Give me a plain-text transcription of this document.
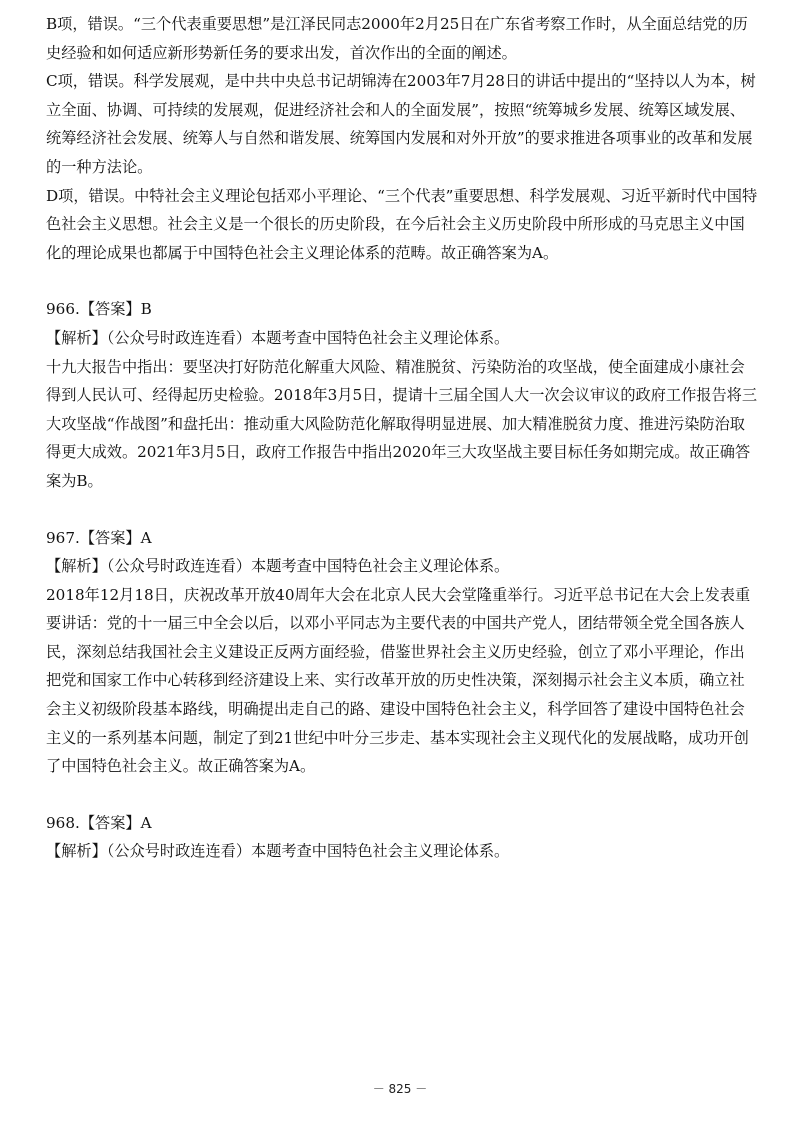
B项，错误。“三个代表重要思想”是江泽民同志2000年2月25日在广东省考察工作时，从全面总结党的历史经验和如何适应新形势新任务的要求出发，首次作出的全面的阐述。

C项，错误。科学发展观，是中共中央总书记胡锦涛在2003年7月28日的讲话中提出的“坚持以人为本，树立全面、协调、可持续的发展观，促进经济社会和人的全面发展”，按照“统筹城乡发展、统筹区域发展、统筹经济社会发展、统筹人与自然和谐发展、统筹国内发展和对外开放”的要求推进各项事业的改革和发展的一种方法论。

D项，错误。中特社会主义理论包括邓小平理论、“三个代表”重要思想、科学发展观、习近平新时代中国特色社会主义思想。社会主义是一个很长的历史阶段，在今后社会主义历史阶段中所形成的马克思主义中国化的理论成果也都属于中国特色社会主义理论体系的范畴。故正确答案为A。

966.【答案】B

【解析】（公众号时政连连看）本题考查中国特色社会主义理论体系。

十九大报告中指出：要坚决打好防范化解重大风险、精准脱贫、污染防治的攻坚战，使全面建成小康社会得到人民认可、经得起历史检验。2018年3月5日，提请十三届全国人大一次会议审议的政府工作报告将三大攻坚战“作战图”和盘托出：推动重大风险防范化解取得明显进展、加大精准脱贫力度、推进污染防治取得更大成效。2021年3月5日，政府工作报告中指出2020年三大攻坚战主要目标任务如期完成。故正确答案为B。

967.【答案】A

【解析】（公众号时政连连看）本题考查中国特色社会主义理论体系。

2018年12月18日，庆祝改革开放40周年大会在北京人民大会堂隆重举行。习近平总书记在大会上发表重要讲话：党的十一届三中全会以后，以邓小平同志为主要代表的中国共产党人，团结带领全党全国各族人民，深刻总结我国社会主义建设正反两方面经验，借鉴世界社会主义历史经验，创立了邓小平理论，作出把党和国家工作中心转移到经济建设上来、实行改革开放的历史性决策，深刻揭示社会主义本质，确立社会主义初级阶段基本路线，明确提出走自己的路、建设中国特色社会主义，科学回答了建设中国特色社会主义的一系列基本问题，制定了到21世纪中叶分三步走、基本实现社会主义现代化的发展战略，成功开创了中国特色社会主义。故正确答案为A。

968.【答案】A

【解析】（公众号时政连连看）本题考查中国特色社会主义理论体系。

－ 825 －
